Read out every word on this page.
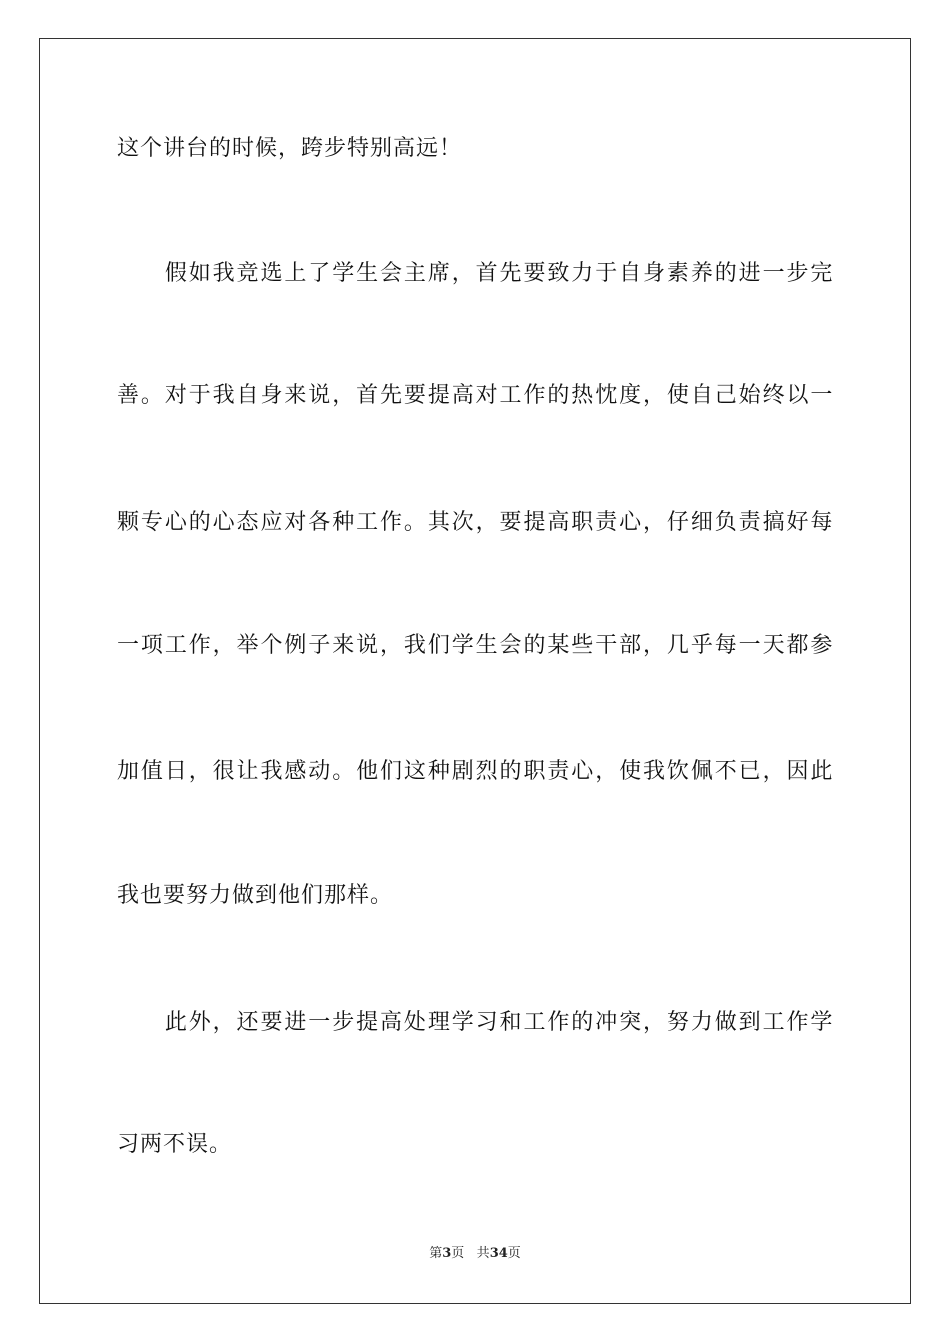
这个讲台的时候，跨步特别高远！
　　假如我竞选上了学生会主席，首先要致力于自身素养的进一步完
善。对于我自身来说，首先要提高对工作的热忱度，使自己始终以一
颗专心的心态应对各种工作。其次，要提高职责心，仔细负责搞好每
一项工作，举个例子来说，我们学生会的某些干部，几乎每一天都参
加值日，很让我感动。他们这种剧烈的职责心，使我饮佩不已，因此
我也要努力做到他们那样。
　　此外，还要进一步提高处理学习和工作的冲突，努力做到工作学
习两不误。
第3页 共34页
